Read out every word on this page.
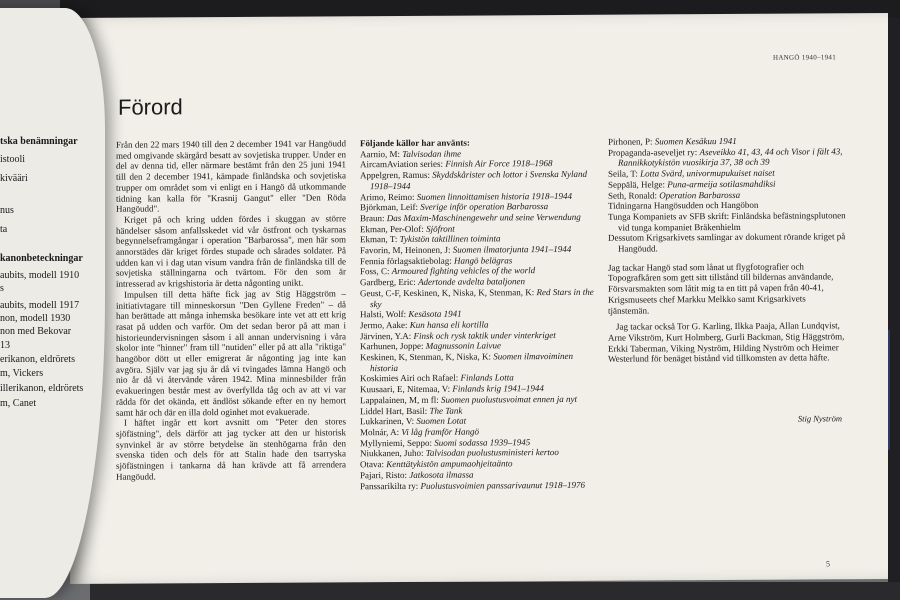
HANGÖ 1940–1941
Förord

Från den 22 mars 1940 till den 2 december 1941 var Hangöudd med omgivande skärgård besatt av sovjetiska trupper. Under en del av denna tid, eller närmare bestämt från den 25 juni 1941 till den 2 december 1941, kämpade finländska och sovjetiska trupper om området som vi enligt en i Hangö då utkommande tidning kan kalla för "Krasnij Gangut" eller "Den Röda Hangöudd".

Kriget på och kring udden fördes i skuggan av större händelser såsom anfallsskedet vid vår östfront och tyskarnas begynnelseframgångar i operation "Barbarossa", men här som annorstädes där kriget fördes stupade och sårades soldater. På udden kan vi i dag utan visum vandra från de finländska till de sovjetiska ställningarna och tvärtom. För den som är intresserad av krigshistoria är detta någonting unikt.

Impulsen till detta häfte fick jag av Stig Häggström – initiativtagare till minneskorsun "Den Gyllene Freden" – då han berättade att många inhemska besökare inte vet att ett krig rasat på udden och varför. Om det sedan beror på att man i historieundervisningen såsom i all annan undervisning i våra skolor inte "hinner" fram till "nutiden" eller på att alla "riktiga" hangöbor dött ut eller emigrerat är någonting jag inte kan avgöra. Själv var jag sju år då vi tvingades lämna Hangö och nio år då vi återvände våren 1942. Mina minnesbilder från evakueringen består mest av överfyllda tåg och av att vi var rädda för det okända, ett ändlöst sökande efter en ny hemort samt här och där en illa dold oginhet mot evakuerade.

I häftet ingår ett kort avsnitt om "Peter den stores sjöfästning", dels därför att jag tycker att den ur historisk synvinkel är av större betydelse än stenhögarna från den svenska tiden och dels för att Stalin hade den tsarryska sjöfästningen i tankarna då han krävde att få arrendera Hangöudd.

Följande källor har använts:
Aarnio, M: Talvisodan ihme
AircamAviation series: Finnish Air Force 1918–1968
Appelgren, Ramus: Skyddskårister och lottor i Svenska Nyland 1918–1944
Arimo, Reimo: Suomen linnoittamisen historia 1918–1944
Björkman, Leif: Sverige inför operation Barbarossa
Braun: Das Maxim-Maschinengewehr und seine Verwendung
Ekman, Per-Olof: Sjöfront
Ekman, T: Tykistön taktillinen toiminta
Favorin, M, Heinonen, J: Suomen ilmatorjunta 1941–1944
Fennia förlagsaktiebolag: Hangö belägras
Foss, C: Armoured fighting vehicles of the world
Gardberg, Eric: Adertonde avdelta bataljonen
Geust, C-F, Keskinen, K, Niska, K, Stenman, K: Red Stars in the sky
Halsti, Wolf: Kesäsota 1941
Jermo, Aake: Kun hansa eli kortilla
Järvinen, Y.A: Finsk och rysk taktik under vinterkriget
Karhunen, Joppe: Magnussonin Laivue
Keskinen, K, Stenman, K, Niska, K: Suomen ilmavoiminen historia
Koskimies Airi och Rafael: Finlands Lotta
Kuusaari, E, Nitemaa, V: Finlands krig 1941–1944
Lappalainen, M, m fl: Suomen puolustusvoimat ennen ja nyt
Liddel Hart, Basil: The Tank
Lukkarinen, V: Suomen Lotat
Molnár, A: Vi låg framför Hangö
Myllyniemi, Seppo: Suomi sodassa 1939–1945
Niukkanen, Juho: Talvisodan puolustusministeri kertoo
Otava: Kenttätykistön ampumaohjeitaänto
Pajari, Risto: Jatkosota ilmassa
Panssarikilta ry: Puolustusvoimien panssarivaunut 1918–1976
Pirhonen, P: Suomen Kesäkuu 1941
Propaganda-aseveljet ry: Aseveikko 41, 43, 44 och Visor i fält 43, Rannikkotykistön vuosikirja 37, 38 och 39
Seila, T: Lotta Svärd, univormupukuiset naiset
Seppälä, Helge: Puna-armeija sotilasmahdiksi
Seth, Ronald: Operation Barbarossa
Tidningarna Hangösudden och Hangöbon
Tunga Kompaniets av SFB skrift: Finländska befästningsplutonen vid tunga kompaniet Bräkenhielm
Dessutom Krigsarkivets samlingar av dokument rörande kriget på Hangöudd.
Jag tackar Hangö stad som lånat ut flygfotografier och Topografkåren som gett sitt tillstånd till bildernas användande, Försvarsmakten som låtit mig ta en titt på vapen från 40-41, Krigsmuseets chef Markku Melkko samt Krigsarkivets tjänstemän.
Jag tackar också Tor G. Karling, Ilkka Paaja, Allan Lundqvist, Arne Vikström, Kurt Holmberg, Gurli Backman, Stig Häggström, Erkki Taberman, Viking Nyström, Hilding Nyström och Heimer Westerlund för benäget bistånd vid tillkomsten av detta häfte.
Stig Nyström
5
tska benämningar
istooli
kivääri
nus
ta
kanonbeteckningar
aubits, modell 1910
s
aubits, modell 1917
non, modell 1930
non med Bekovar
13
erikanon, eldrörets
m, Vickers
illerikanon, eldrörets
m, Canet
